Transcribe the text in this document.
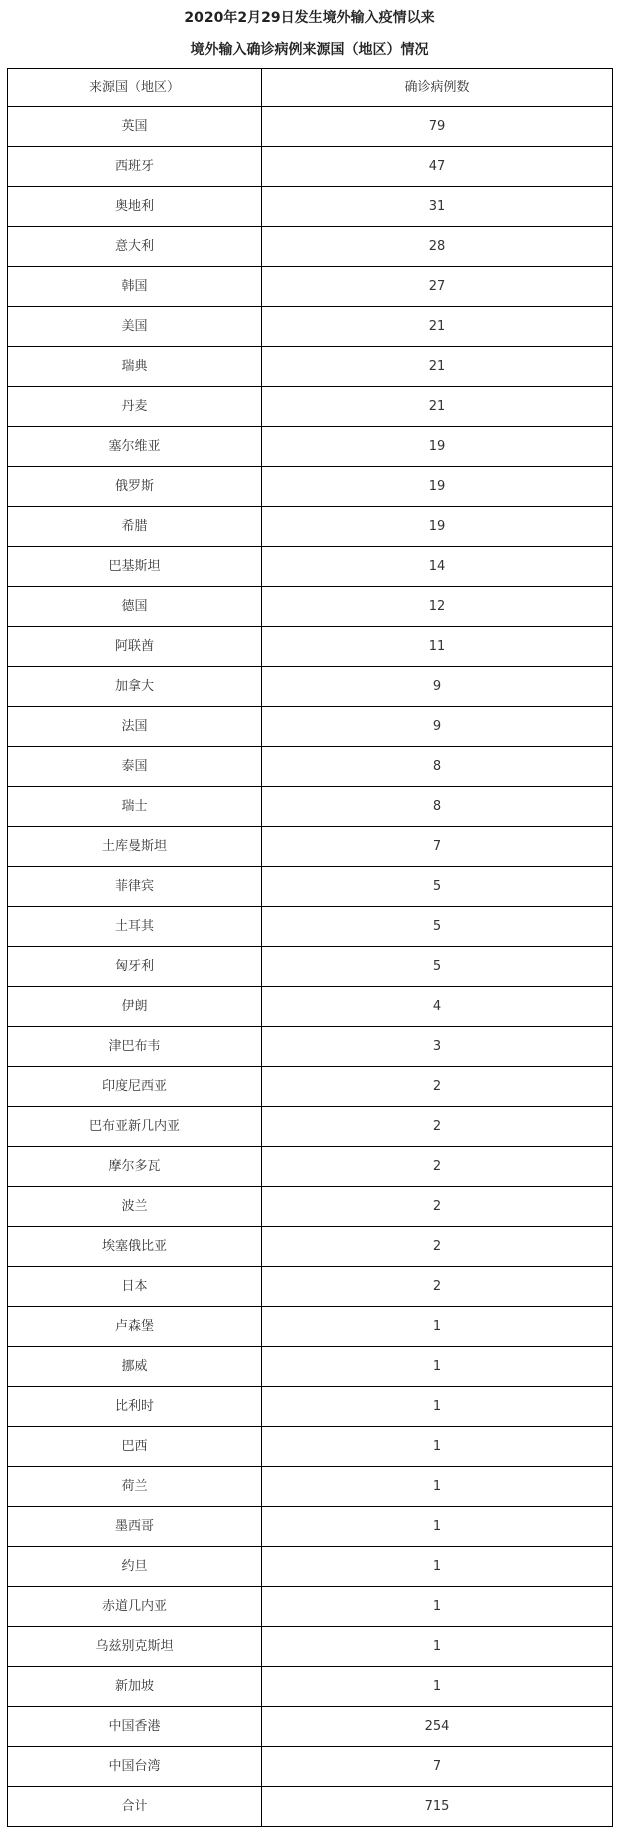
2020年2月29日发生境外输入疫情以来
境外输入确诊病例来源国（地区）情况
来源国（地区）	确诊病例数
英国	79
西班牙	47
奥地利	31
意大利	28
韩国	27
美国	21
瑞典	21
丹麦	21
塞尔维亚	19
俄罗斯	19
希腊	19
巴基斯坦	14
德国	12
阿联酋	11
加拿大	9
法国	9
泰国	8
瑞士	8
土库曼斯坦	7
菲律宾	5
土耳其	5
匈牙利	5
伊朗	4
津巴布韦	3
印度尼西亚	2
巴布亚新几内亚	2
摩尔多瓦	2
波兰	2
埃塞俄比亚	2
日本	2
卢森堡	1
挪威	1
比利时	1
巴西	1
荷兰	1
墨西哥	1
约旦	1
赤道几内亚	1
乌兹别克斯坦	1
新加坡	1
中国香港	254
中国台湾	7
合计	715
